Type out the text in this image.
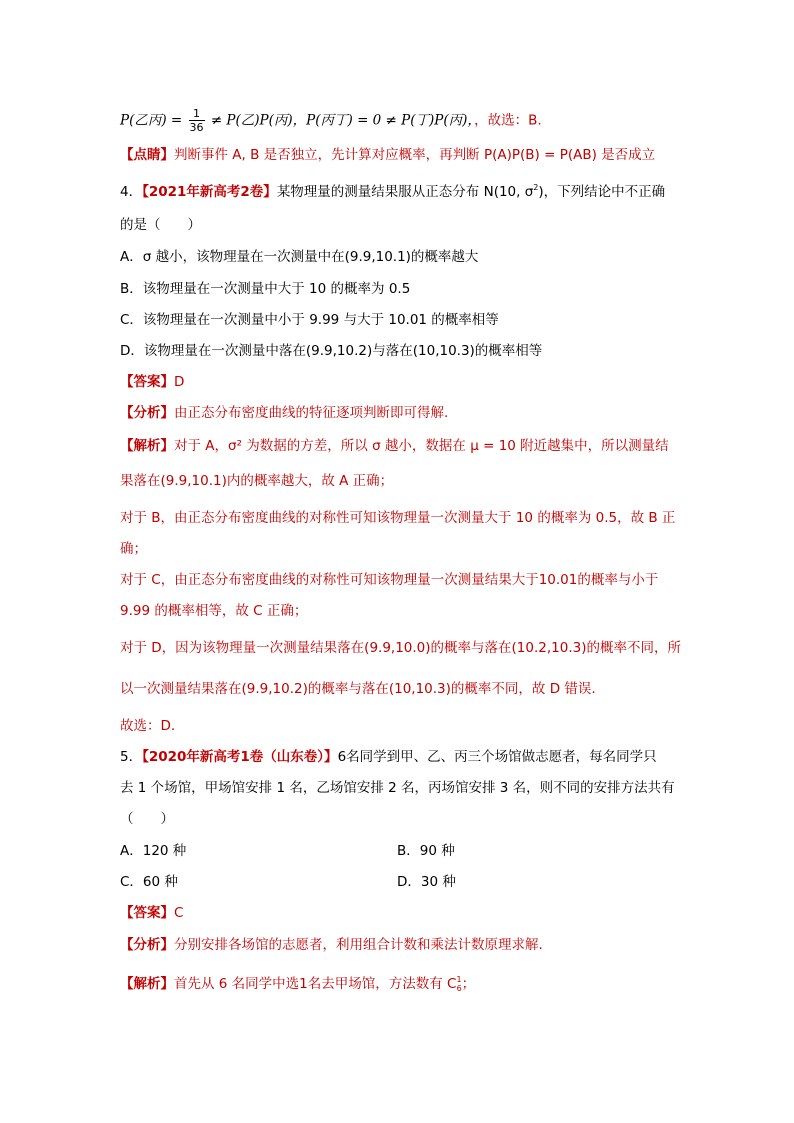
P(乙丙) = $\frac{1}{36} \ne P$(乙)P(丙)，P(丙丁) = 0 ≠ P(丁)P(丙)，，故选：B.
【点睛】判断事件 A, B 是否独立，先计算对应概率，再判断 P(A)P(B) = P(AB) 是否成立
4．【2021年新高考2卷】某物理量的测量结果服从正态分布 N(10, $\sigma^2$)，下列结论中不正确
的是（　　）
A．σ 越小，该物理量在一次测量中在(9.9,10.1)的概率越大
B．该物理量在一次测量中大于 10 的概率为 0.5
C．该物理量在一次测量中小于 9.99 与大于 10.01 的概率相等
D．该物理量在一次测量中落在(9.9,10.2)与落在(10,10.3)的概率相等
【答案】D
【分析】由正态分布密度曲线的特征逐项判断即可得解.
【解析】对于 A，σ² 为数据的方差，所以 σ 越小，数据在 μ = 10 附近越集中，所以测量结
果落在(9.9,10.1)内的概率越大，故 A 正确；
对于 B，由正态分布密度曲线的对称性可知该物理量一次测量大于 10 的概率为 0.5，故 B 正
确；
对于 C，由正态分布密度曲线的对称性可知该物理量一次测量结果大于10.01的概率与小于
9.99 的概率相等，故 C 正确；
对于 D，因为该物理量一次测量结果落在(9.9,10.0)的概率与落在(10.2,10.3)的概率不同，所
以一次测量结果落在(9.9,10.2)的概率与落在(10,10.3)的概率不同，故 D 错误.
故选：D.
5．【2020年新高考1卷（山东卷）】6名同学到甲、乙、丙三个场馆做志愿者，每名同学只
去 1 个场馆，甲场馆安排 1 名，乙场馆安排 2 名，丙场馆安排 3 名，则不同的安排方法共有
（　　）
A．120 种	B．90 种
C．60 种	D．30 种
【答案】C
【分析】分别安排各场馆的志愿者，利用组合计数和乘法计数原理求解.
【解析】首先从 6 名同学中选1名去甲场馆，方法数有 $C^1_6$；
